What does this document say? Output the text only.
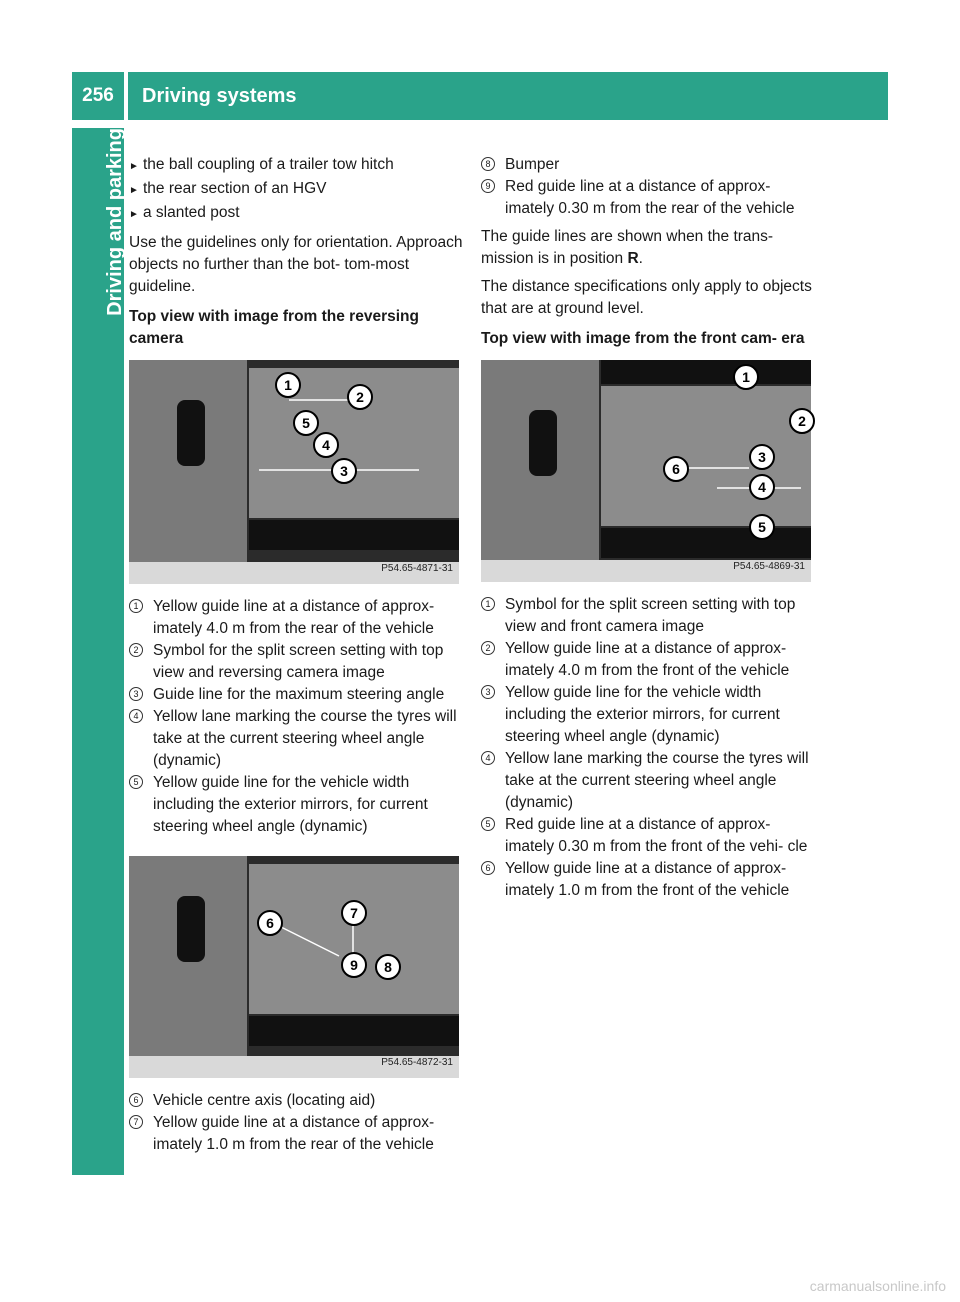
256	Driving systems
Driving and parking ► the ball coupling of a trailer tow hitch
► the rear section of an HGV
► a slanted post

Use the guidelines only for orientation. Approach objects no further than the bot- tom-most guideline.

Top view with image from the reversing camera

1
2
5
4
3
P54.65-4871-31
1 Yellow guide line at a distance of approx- imately 4.0 m from the rear of the vehicle
2 Symbol for the split screen setting with top view and reversing camera image
3 Guide line for the maximum steering angle
4 Yellow lane marking the course the tyres will take at the current steering wheel angle (dynamic)
5 Yellow guide line for the vehicle width including the exterior mirrors, for current steering wheel angle (dynamic)
6
7
9	8
P54.65-4872-31
6 Vehicle centre axis (locating aid)
7 Yellow guide line at a distance of approx- imately 1.0 m from the rear of the vehicle
8 Bumper
9 Red guide line at a distance of approx- imately 0.30 m from the rear of the vehicle

The guide lines are shown when the trans- mission is in position R.

The distance specifications only apply to objects that are at ground level.

Top view with image from the front cam- era

1
2
6
3
4
5
P54.65-4869-31
1 Symbol for the split screen setting with top view and front camera image
2 Yellow guide line at a distance of approx- imately 4.0 m from the front of the vehicle
3 Yellow guide line for the vehicle width including the exterior mirrors, for current steering wheel angle (dynamic)
4 Yellow lane marking the course the tyres will take at the current steering wheel angle (dynamic)
5 Red guide line at a distance of approx- imately 0.30 m from the front of the vehi- cle
6 Yellow guide line at a distance of approx- imately 1.0 m from the front of the vehicle
carmanualsonline.info
